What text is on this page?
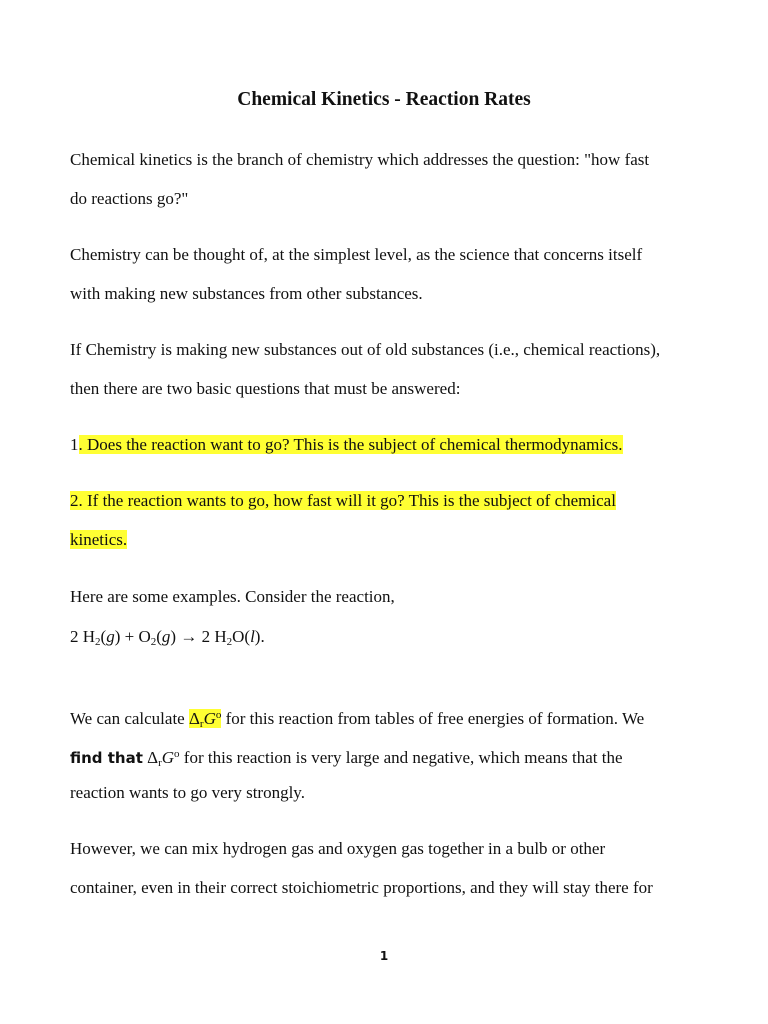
Chemical Kinetics - Reaction Rates
Chemical kinetics is the branch of chemistry which addresses the question: "how fast
do reactions go?"
Chemistry can be thought of, at the simplest level, as the science that concerns itself
with making new substances from other substances.
If Chemistry is making new substances out of old substances (i.e., chemical reactions),
then there are two basic questions that must be answered:
1. Does the reaction want to go? This is the subject of chemical thermodynamics.
2. If the reaction wants to go, how fast will it go? This is the subject of chemical
kinetics.
Here are some examples. Consider the reaction,
2 $H_2(g) + O_2(g) \to 2$ $H_2O(l)$.
We can calculate $\Delta_rG^o$ for this reaction from tables of free energies of formation. We
find that $\Delta_rG^o$ for this reaction is very large and negative, which means that the
reaction wants to go very strongly.
However, we can mix hydrogen gas and oxygen gas together in a bulb or other
container, even in their correct stoichiometric proportions, and they will stay there for
1
